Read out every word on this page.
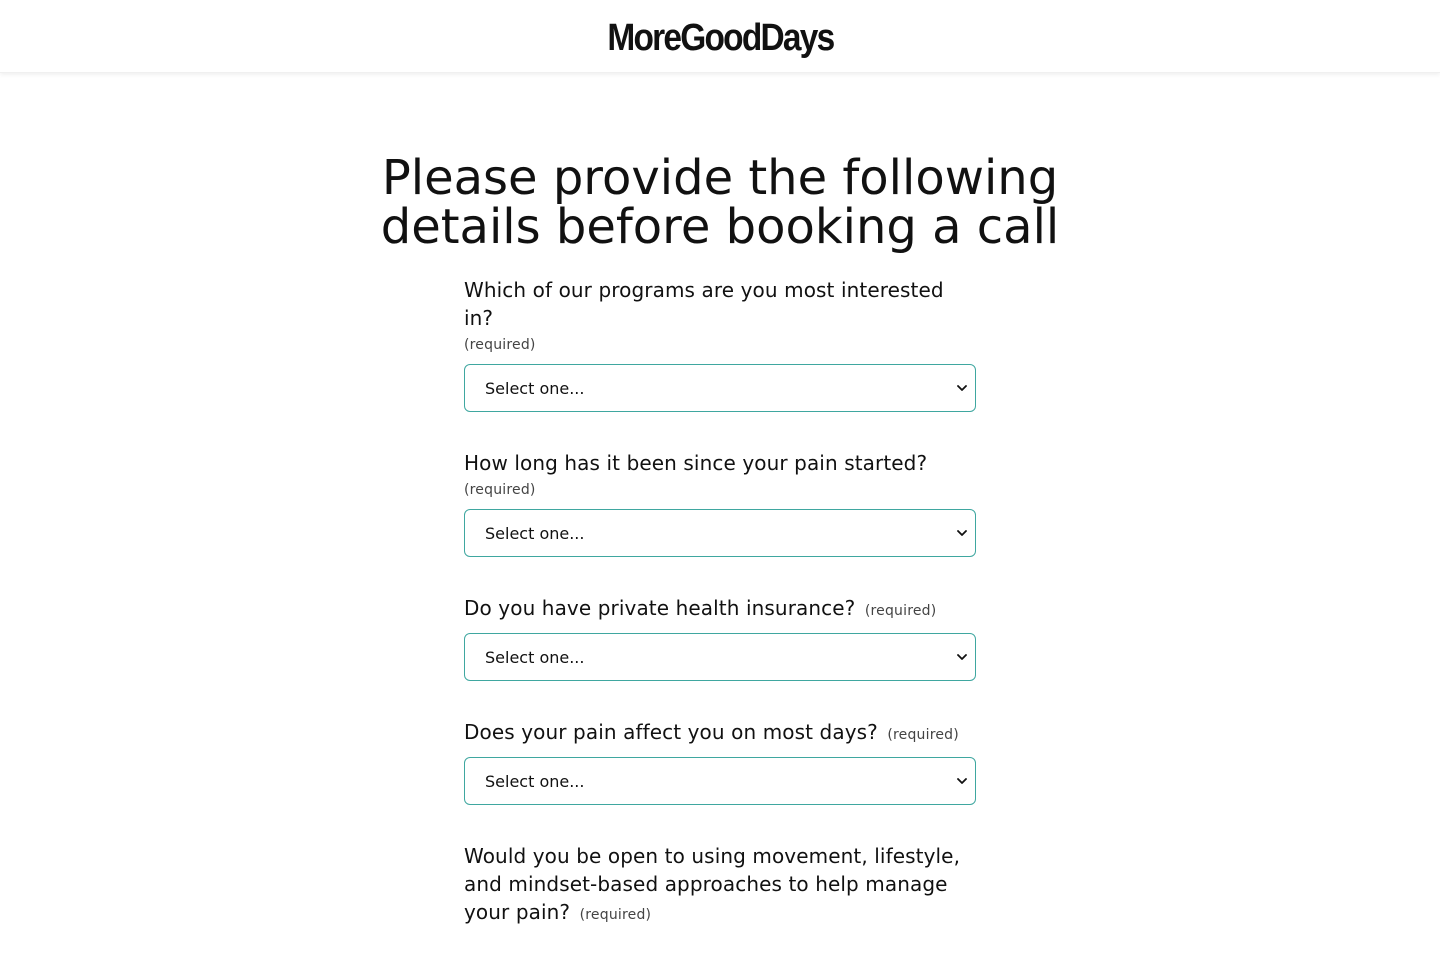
MoreGoodDays
Please provide the following
details before booking a call
Which of our programs are you most interested in?
(required)
Select one...
How long has it been since your pain started?
(required)
Select one...
Do you have private health insurance? (required)
Select one...
Does your pain affect you on most days? (required)
Select one...
Would you be open to using movement, lifestyle, and mindset-based approaches to help manage your pain? (required)
